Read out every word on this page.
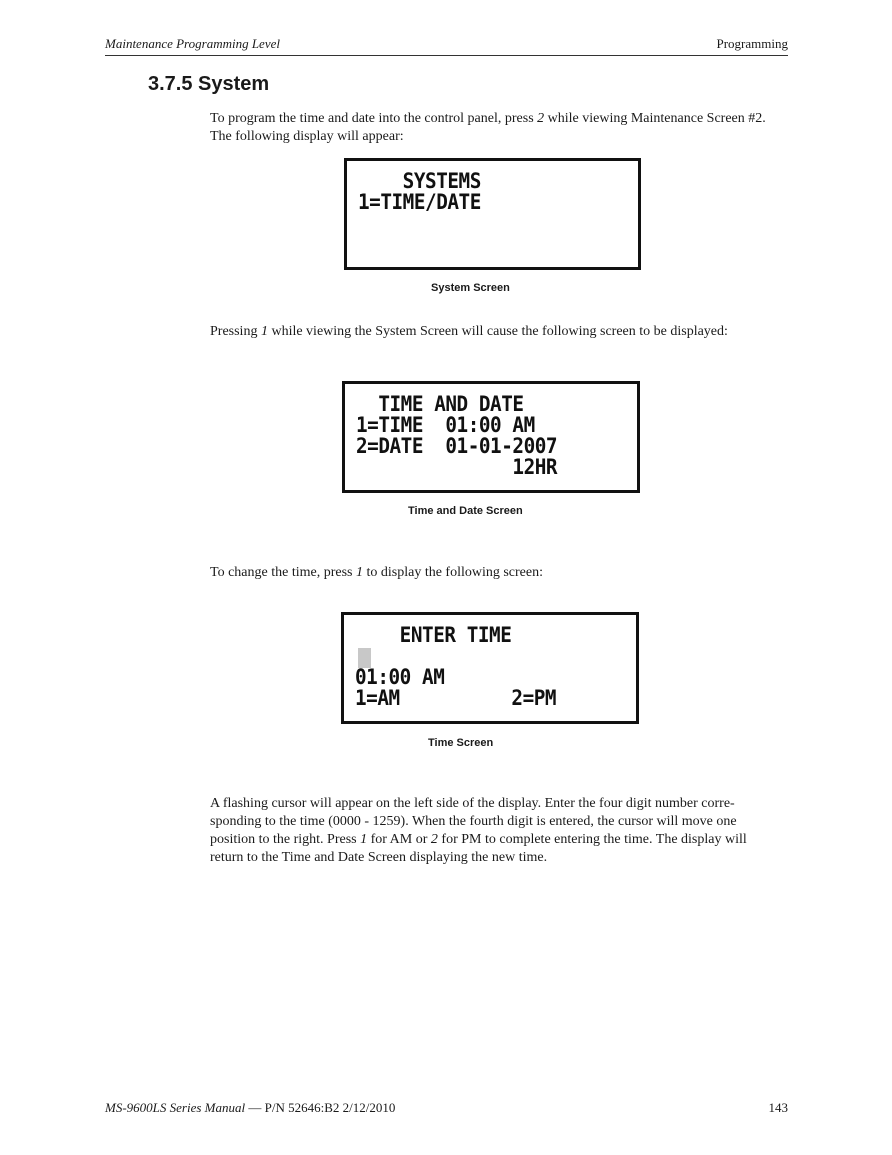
Maintenance Programming Level	Programming
3.7.5 System

To program the time and date into the control panel, press 2 while viewing Maintenance Screen #2.
The following display will appear:

SYSTEMS
1=TIME/DATE
System Screen

Pressing 1 while viewing the System Screen will cause the following screen to be displayed:

TIME AND DATE
1=TIME  01:00 AM
2=DATE  01-01-2007
12HR
Time and Date Screen

To change the time, press 1 to display the following screen:

ENTER TIME
01:00 AM
1=AM          2=PM
Time Screen

A flashing cursor will appear on the left side of the display. Enter the four digit number corre-
sponding to the time (0000 - 1259). When the fourth digit is entered, the cursor will move one
position to the right. Press 1 for AM or 2 for PM to complete entering the time. The display will
return to the Time and Date Screen displaying the new time.

MS-9600LS Series Manual — P/N 52646:B2 2/12/2010	143
